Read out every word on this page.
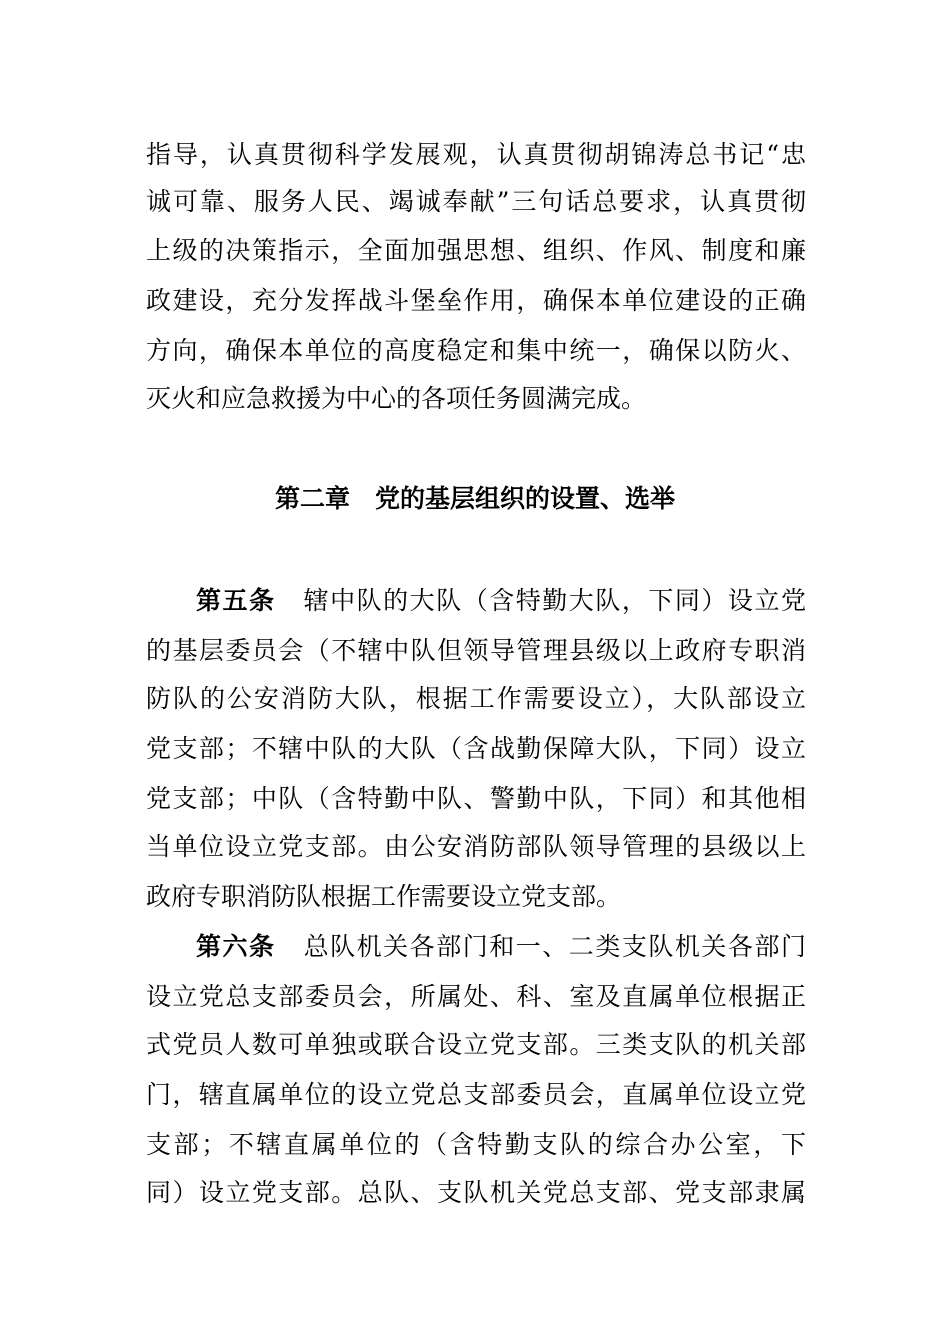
指导，认真贯彻科学发展观，认真贯彻胡锦涛总书记“忠
诚可靠、服务人民、竭诚奉献”三句话总要求，认真贯彻
上级的决策指示，全面加强思想、组织、作风、制度和廉
政建设，充分发挥战斗堡垒作用，确保本单位建设的正确
方向，确保本单位的高度稳定和集中统一，确保以防火、
灭火和应急救援为中心的各项任务圆满完成。
第二章　党的基层组织的设置、选举
第五条 辖中队的大队（含特勤大队，下同）设立党
的基层委员会（不辖中队但领导管理县级以上政府专职消
防队的公安消防大队，根据工作需要设立），大队部设立
党支部；不辖中队的大队（含战勤保障大队，下同）设立
党支部；中队（含特勤中队、警勤中队，下同）和其他相
当单位设立党支部。由公安消防部队领导管理的县级以上
政府专职消防队根据工作需要设立党支部。
第六条 总队机关各部门和一、二类支队机关各部门
设立党总支部委员会，所属处、科、室及直属单位根据正
式党员人数可单独或联合设立党支部。三类支队的机关部
门，辖直属单位的设立党总支部委员会，直属单位设立党
支部；不辖直属单位的（含特勤支队的综合办公室，下
同）设立党支部。总队、支队机关党总支部、党支部隶属
